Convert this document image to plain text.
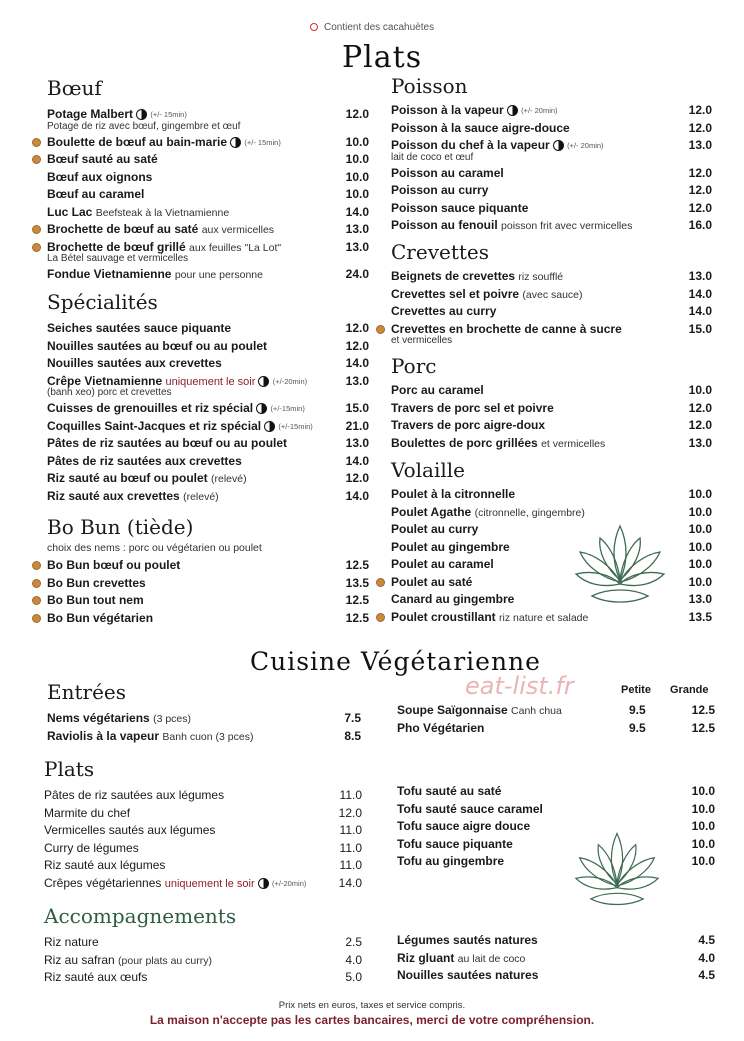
Contient des cacahuètes
Plats
Bœuf
Potage Malbert (+/- 15min)	12.0
Potage de riz avec bœuf, gingembre et œuf
Boulette de bœuf au bain-marie (+/- 15min)	10.0
Bœuf sauté au saté	10.0
Bœuf aux oignons	10.0
Bœuf au caramel	10.0
Luc Lac Beefsteak à la Vietnamienne	14.0
Brochette de bœuf au saté aux vermicelles	13.0
Brochette de bœuf grillé aux feuilles "La Lot"	13.0
La Bétel sauvage et vermicelles
Fondue Vietnamienne pour une personne	24.0
Spécialités
Seiches sautées sauce piquante	12.0
Nouilles sautées au bœuf ou au poulet	12.0
Nouilles sautées aux crevettes	14.0
Crêpe Vietnamienne uniquement le soir (+/-20min)	13.0
(banh xeo) porc et crevettes
Cuisses de grenouilles et riz spécial (+/-15min)	15.0
Coquilles Saint-Jacques et riz spécial (+/-15min)	21.0
Pâtes de riz sautées au bœuf ou au poulet	13.0
Pâtes de riz sautées aux crevettes	14.0
Riz sauté au bœuf ou poulet (relevé)	12.0
Riz sauté aux crevettes (relevé)	14.0
Bo Bun (tiède)
choix des nems : porc ou végétarien ou poulet
Bo Bun bœuf ou poulet	12.5
Bo Bun crevettes	13.5
Bo Bun tout nem	12.5
Bo Bun végétarien	12.5
Poisson
Poisson à la vapeur (+/- 20min)	12.0
Poisson à la sauce aigre-douce	12.0
Poisson du chef à la vapeur (+/- 20min)	13.0
lait de coco et œuf
Poisson au caramel	12.0
Poisson au curry	12.0
Poisson sauce piquante	12.0
Poisson au fenouil poisson frit avec vermicelles	16.0
Crevettes
Beignets de crevettes riz soufflé	13.0
Crevettes sel et poivre (avec sauce)	14.0
Crevettes au curry	14.0
Crevettes en brochette de canne à sucre	15.0
et vermicelles
Porc
Porc au caramel	10.0
Travers de porc sel et poivre	12.0
Travers de porc aigre-doux	12.0
Boulettes de porc grillées et vermicelles	13.0
Volaille
Poulet à la citronnelle	10.0
Poulet Agathe (citronnelle, gingembre)	10.0
Poulet au curry	10.0
Poulet au gingembre	10.0
Poulet au caramel	10.0
Poulet au saté	10.0
Canard au gingembre	13.0
Poulet croustillant riz nature et salade	13.5
Cuisine Végétarienne
eat-list.fr
Entrées
Nems végétariens (3 pces)	7.5
Raviolis à la vapeur Banh cuon (3 pces)	8.5
Petite Grande
Soupe Saïgonnaise Canh chua	9.5	12.5
Pho Végétarien	9.5	12.5
Plats
Pâtes de riz sautées aux légumes	11.0
Marmite du chef	12.0
Vermicelles sautés aux légumes	11.0
Curry de légumes	11.0
Riz sauté aux légumes	11.0
Crêpes végétariennes uniquement le soir (+/-20min)	14.0
Tofu sauté au saté	10.0
Tofu sauté sauce caramel	10.0
Tofu sauce aigre douce	10.0
Tofu sauce piquante	10.0
Tofu au gingembre	10.0
Accompagnements
Riz nature	2.5
Riz au safran (pour plats au curry)	4.0
Riz sauté aux œufs	5.0
Légumes sautés natures	4.5
Riz gluant au lait de coco	4.0
Nouilles sautées natures	4.5
Prix nets en euros, taxes et service compris.
La maison n'accepte pas les cartes bancaires, merci de votre compréhension.
